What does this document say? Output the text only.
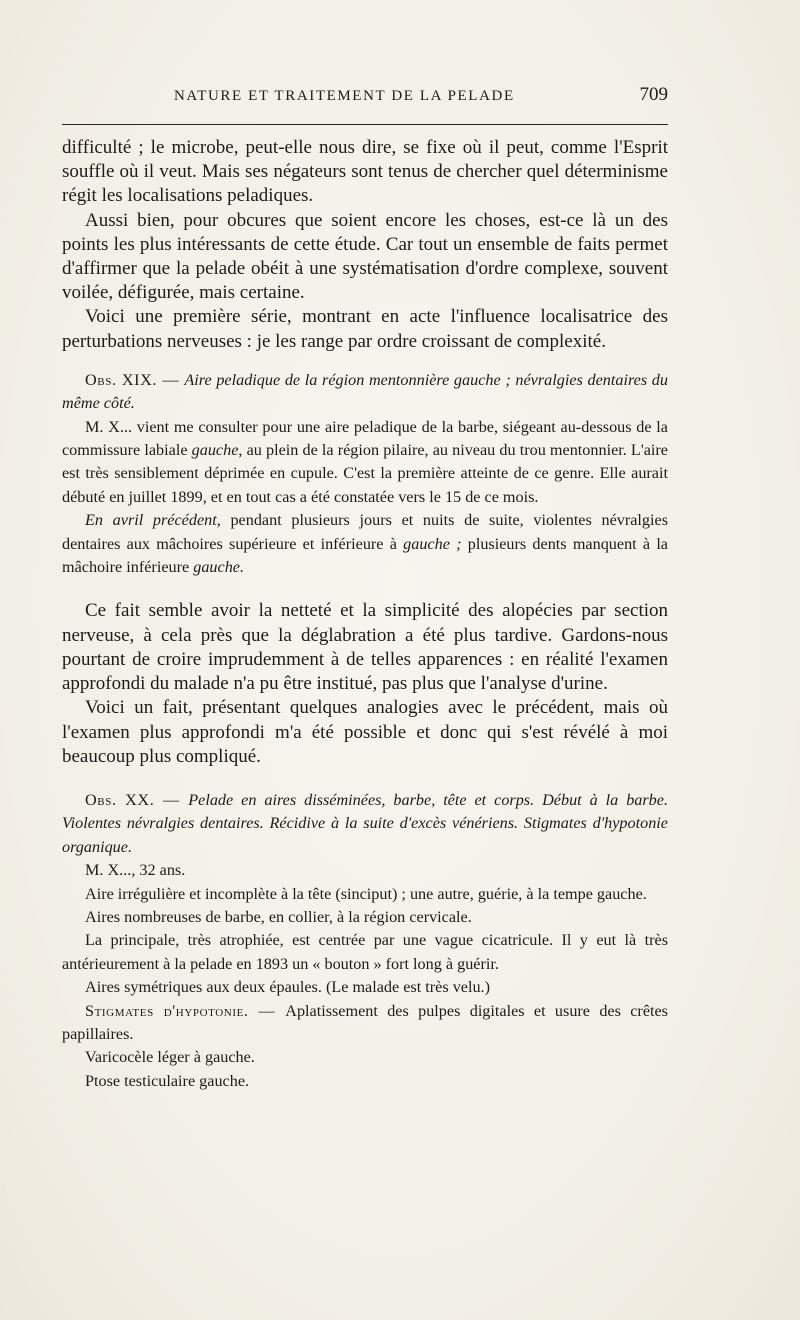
NATURE ET TRAITEMENT DE LA PELADE	709

difficulté ; le microbe, peut-elle nous dire, se fixe où il peut, comme l'Esprit souffle où il veut. Mais ses négateurs sont tenus de chercher quel déterminisme régit les localisations peladiques.

Aussi bien, pour obcures que soient encore les choses, est-ce là un des points les plus intéressants de cette étude. Car tout un ensemble de faits permet d'affirmer que la pelade obéit à une systématisation d'ordre complexe, souvent voilée, défigurée, mais certaine.

Voici une première série, montrant en acte l'influence localisatrice des perturbations nerveuses : je les range par ordre croissant de complexité.

Obs. XIX. — Aire peladique de la région mentonnière gauche ; névralgies dentaires du même côté.

M. X... vient me consulter pour une aire peladique de la barbe, siégeant au-dessous de la commissure labiale gauche, au plein de la région pilaire, au niveau du trou mentonnier. L'aire est très sensiblement déprimée en cupule. C'est la première atteinte de ce genre. Elle aurait débuté en juillet 1899, et en tout cas a été constatée vers le 15 de ce mois.

En avril précédent, pendant plusieurs jours et nuits de suite, violentes névralgies dentaires aux mâchoires supérieure et inférieure à gauche ; plusieurs dents manquent à la mâchoire inférieure gauche.

Ce fait semble avoir la netteté et la simplicité des alopécies par section nerveuse, à cela près que la déglabration a été plus tardive. Gardons-nous pourtant de croire imprudemment à de telles apparences : en réalité l'examen approfondi du malade n'a pu être institué, pas plus que l'analyse d'urine.

Voici un fait, présentant quelques analogies avec le précédent, mais où l'examen plus approfondi m'a été possible et donc qui s'est révélé à moi beaucoup plus compliqué.

Obs. XX. — Pelade en aires disséminées, barbe, tête et corps. Début à la barbe. Violentes névralgies dentaires. Récidive à la suite d'excès vénériens. Stigmates d'hypotonie organique.

M. X..., 32 ans.

Aire irrégulière et incomplète à la tête (sinciput) ; une autre, guérie, à la tempe gauche.

Aires nombreuses de barbe, en collier, à la région cervicale.

La principale, très atrophiée, est centrée par une vague cicatricule. Il y eut là très antérieurement à la pelade en 1893 un « bouton » fort long à guérir.

Aires symétriques aux deux épaules. (Le malade est très velu.)

Stigmates d'hypotonie. — Aplatissement des pulpes digitales et usure des crêtes papillaires.

Varicocèle léger à gauche.

Ptose testiculaire gauche.
